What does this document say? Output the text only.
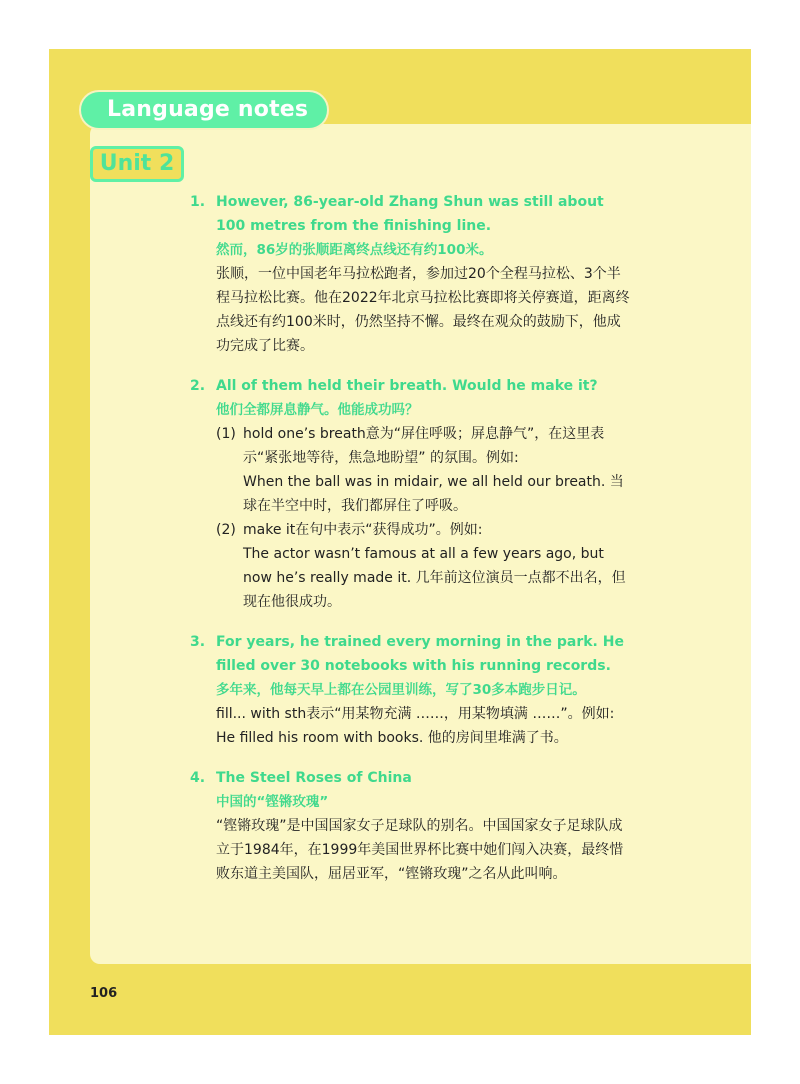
Language notes
Unit 2
1. However, 86-year-old Zhang Shun was still about 100 metres from the finishing line.
然而，86岁的张顺距离终点线还有约100米。
张顺，一位中国老年马拉松跑者，参加过20个全程马拉松、3个半程马拉松比赛。他在2022年北京马拉松比赛即将关停赛道，距离终点线还有约100米时，仍然坚持不懈。最终在观众的鼓励下，他成功完成了比赛。
2. All of them held their breath. Would he make it?
他们全都屏息静气。他能成功吗？
(1) hold one’s breath意为“屏住呼吸；屏息静气”，在这里表示“紧张地等待，焦急地盼望” 的氛围。例如:
When the ball was in midair, we all held our breath. 当球在半空中时，我们都屏住了呼吸。
(2) make it在句中表示“获得成功”。例如:
The actor wasn’t famous at all a few years ago, but now he’s really made it. 几年前这位演员一点都不出名，但现在他很成功。
3. For years, he trained every morning in the park. He filled over 30 notebooks with his running records.
多年来，他每天早上都在公园里训练，写了30多本跑步日记。
fill... with sth表示“用某物充满 ……，用某物填满 ……”。例如: He filled his room with books. 他的房间里堆满了书。
4. The Steel Roses of China
中国的“铿锵玫瑰”
“铿锵玫瑰”是中国国家女子足球队的别名。中国国家女子足球队成立于1984年，在1999年美国世界杯比赛中她们闯入决赛，最终惜败东道主美国队，屈居亚军，“铿锵玫瑰”之名从此叫响。
106
